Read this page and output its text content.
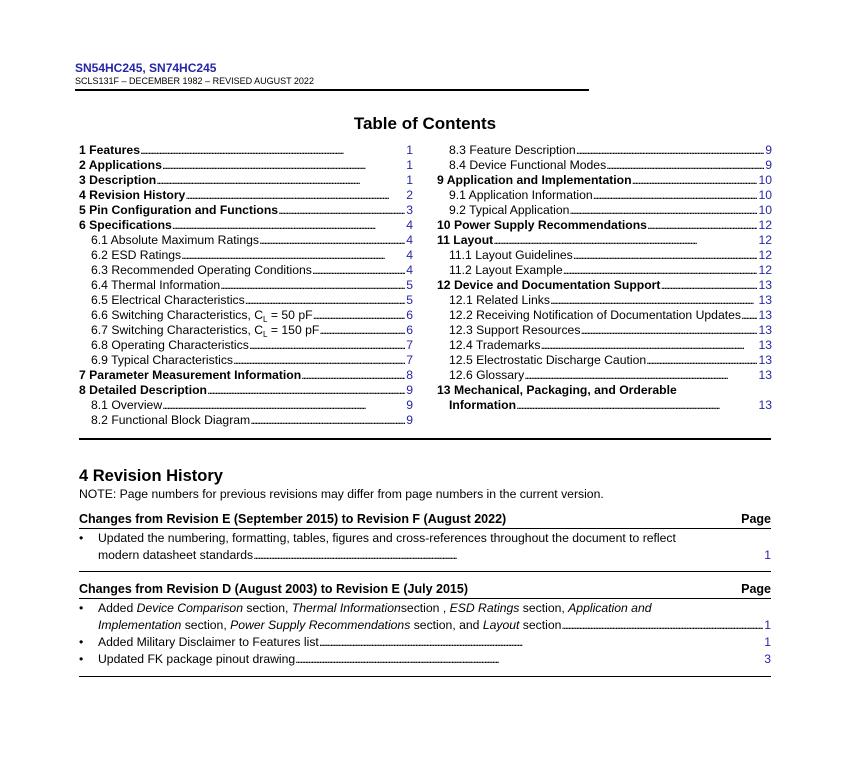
SN54HC245, SN74HC245
SCLS131F – DECEMBER 1982 – REVISED AUGUST 2022
Table of Contents
1 Features . . .	1
2 Applications . . .	1
3 Description . . .	1
4 Revision History . . .	2
5 Pin Configuration and Functions . . .	3
6 Specifications . . .	4
6.1 Absolute Maximum Ratings . . .	4
6.2 ESD Ratings . . .	4
6.3 Recommended Operating Conditions . . .	4
6.4 Thermal Information . . .	5
6.5 Electrical Characteristics . . .	5
6.6 Switching Characteristics, $C_L = 50$ pF . . .	6
6.7 Switching Characteristics, $C_L = 150$ pF . . .	6
6.8 Operating Characteristics . . .	7
6.9 Typical Characteristics . . .	7
7 Parameter Measurement Information . . .	8
8 Detailed Description . . .	9
8.1 Overview . . .	9
8.2 Functional Block Diagram . . .	9
8.3 Feature Description . . .	9
8.4 Device Functional Modes . . .	9
9 Application and Implementation . . .	10
9.1 Application Information . . .	10
9.2 Typical Application . . .	10
10 Power Supply Recommendations . . .	12
11 Layout . . .	12
11.1 Layout Guidelines . . .	12
11.2 Layout Example . . .	12
12 Device and Documentation Support . . .	13
12.1 Related Links . . .	13
12.2 Receiving Notification of Documentation Updates . . . 13
12.3 Support Resources . . .	13
12.4 Trademarks . . .	13
12.5 Electrostatic Discharge Caution . . .	13
12.6 Glossary . . .	13
13 Mechanical, Packaging, and Orderable
Information . . .	13
4 Revision History
NOTE: Page numbers for previous revisions may differ from page numbers in the current version.
Changes from Revision E (September 2015) to Revision F (August 2022)	Page
• Updated the numbering, formatting, tables, figures and cross-references throughout the document to reflect
modern datasheet standards . . .	1
Changes from Revision D (August 2003) to Revision E (July 2015)	Page
• Added
Device Comparison section, Thermal Information section , ESD Ratings section, Application and
Implementation section, Power Supply Recommendations section, and Layout section . . .	1
• Added Military Disclaimer to Features list . . .	1
• Updated FK package pinout drawing . . .	3
